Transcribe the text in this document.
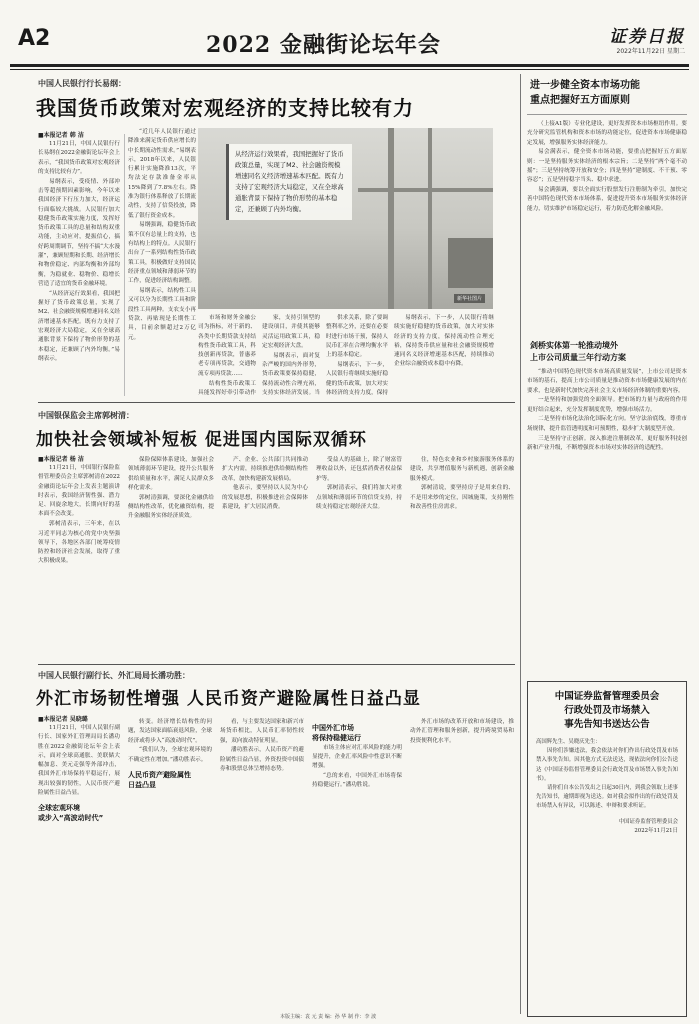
A2	2022 金融街论坛年会	证券日报
2022年11月22日 星期二
中国人民银行行长易纲：
我国货币政策对宏观经济的支持比较有力
■本报记者 韩 洁

11月21日，中国人民银行行长易纲在2022金融街论坛年会上表示，“我国货币政策对宏观经济的支持比较有力”。

易纲表示，受疫情、外部冲击等超预期因素影响，今年以来我国经济下行压力加大，经济运行面临较大挑战。人民银行加大稳健货币政策实施力度，发挥好货币政策工具的总量和结构双重功能，主动应对，提振信心，搞好跨周期调节，坚持不搞“大水漫灌”，兼顾短期和长期、经济增长和物价稳定、内部均衡和外部均衡，为稳就业、稳物价、稳增长营造了适宜的货币金融环境。

“从经济运行效果看，我国把握好了货币政策总量，实现了M2、社会融资规模增速同名义经济增速基本匹配。既有力支持了宏观经济大局稳定，又在全球高通胀背景下保持了物价形势的基本稳定，还兼顾了内外均衡。”易纲表示。

“近几年人民银行通过降准来满足货币供应增长的中长期流动性需求。”易纲表示，2018年以来，人民银行累计实施降准13次，平均法定存款准备金率从15%降到了7.8%左右。降准为银行体系释放了长期流动性，支持了信贷投放，降低了银行资金成本。

易纲强调，稳健货币政策不仅有总量上的支持，也有结构上的特点。人民银行出台了一系列结构性货币政策工具，积极做好支持国民经济重点领域和薄弱环节的工作，促进经济结构调整。

易纲表示，结构性工具又可以分为长期性工具和阶段性工具两种。支农支小再贷款、再贴现是长期性工具，目前余额超过2万亿元。

新华社图片
从经济运行效果看，我国把握好了货币政策总量，实现了M2、社会融资规模增速同名义经济增速基本匹配。既有力支持了宏观经济大局稳定，又在全球高通胀背景下保持了物价形势的基本稳定，还兼顾了内外均衡。

市场和财务金融公司为指标，对于新的、各类中长期贷款支持结构性货币政策工具，科技创新再贷款，普惠养老专项再贷款，交通物流专项再贷款……

结构性货币政策工具能发挥好牵引带动作

家，支持引领型的建设项目，并使其能够灵活运用政策工具，稳定宏观经济大盘。

易纲表示，面对复杂严峻的国内外形势，货币政策要保持稳健，保持流动性合理充裕，支持实体经济发展。当

供求关系，除了要调整利率之外，还要在必要时进行市场干预，保持人民币汇率在合理均衡水平上的基本稳定。

易纲表示，下一步，人民银行将继续实施好稳健的货币政策，加大对实体经济的支持力度，保持

易纲表示，下一步，人民银行将继续实施好稳健的货币政策，加大对实体经济的支持力度，保持流动性合理充裕，保持货币供应量和社会融资规模增速同名义经济增速基本匹配，持续推动企业综合融资成本稳中有降。

中国银保监会主席郭树清：
加快社会领域补短板 促进国内国际双循环
■本报记者 杨 洁

11月21日，中国银行保险监督管理委员会主席郭树清在2022金融街论坛年会上发表主题演讲时表示，我国经济韧性强、潜力足、回旋余地大，长期向好的基本面不会改变。

郭树清表示，三年来，在以习近平同志为核心的党中央坚强领导下，各地区各部门统筹疫情防控和经济社会发展，取得了重大积极成果。

保险保障体系建设，加强社会领域薄弱环节建设，提升公共服务供给质量和水平，满足人民群众多样化需求。

郭树清强调，要深化金融供给侧结构性改革，优化融资结构，提升金融服务实体经济质效。

产、企业、公共部门共同推动扩大内需，持续推进供给侧结构性改革，加快构建新发展格局。

他表示，要坚持以人民为中心的发展思想，积极推进社会保障体系建设，扩大居民消费。

受益人的基础上，除了财富管理收益以外，还包括消费者权益保护等。

郭树清表示，我们将加大对重点领域和薄弱环节的信贷支持，持续支持稳定宏观经济大盘。

住，特色农业和乡村旅游服务体系的建设，共享增值服务与新机遇，创新金融服务模式。

郭树清说，要坚持房子是用来住的、不是用来炒的定位，因城施策，支持刚性和改善性住房需求。

中国人民银行副行长、外汇局局长潘功胜：
外汇市场韧性增强 人民币资产避险属性日益凸显
■本报记者 吴晓璐

11月21日，中国人民银行副行长、国家外汇管理局局长潘功胜在2022金融街论坛年会上表示，面对全球高通胀、美联储大幅加息、美元走强等外部冲击，我国外汇市场保持平稳运行，展现出较强的韧性，人民币资产避险属性日益凸显。

全球宏观环境
或步入“高波动时代”

转变。经济增长结构性的问题，发达国家面临衰退风险，全球经济或将步入“高波动时代”。

“我们认为，全球宏观环境的不确定性在增加。”潘功胜表示。

人民币资产避险属性
日益凸显

看，与主要发达国家和新兴市场货币相比，人民币汇率韧性较强，双向波动特征明显。

潘功胜表示，人民币资产的避险属性日益凸显，外资投资中国债券和股票总体呈增持态势。

中国外汇市场
将保持稳健运行

市场主体应对汇率风险的能力明显提升，企业汇率风险中性意识不断增强。

“总的来看，中国外汇市场将保持稳健运行。”潘功胜说。

外汇市场的改革开放和市场建设，推动外汇管理和服务创新，提升跨境贸易和投资便利化水平。

进一步健全资本市场功能
重点把握好五方面原则

（上接A1版）专业化建设，更好发挥资本市场枢纽作用。要充分研究监管机构和资本市场的功能定位，促进资本市场健康稳定发展，增强服务实体经济能力。

易会满表示，健全资本市场功能，要重点把握好五方面原则：一是坚持服务实体经济的根本宗旨；二是坚持“两个毫不动摇”；三是坚持统筹开放和安全；四是坚持“建制度、不干预、零容忍”；五是坚持稳字当头、稳中求进。

易会满强调，要以全面实行股票发行注册制为牵引，加快完善中国特色现代资本市场体系，促进提升资本市场服务实体经济能力，切实维护市场稳定运行，着力防范化解金融风险。

剑桥实体第一轮推动境外
上市公司质量三年行动方案

“推动中国特色现代资本市场高质量发展”，上市公司是资本市场的基石，提高上市公司质量是推动资本市场健康发展的内在要求，也是新时代加快完善社会主义市场经济体制的重要内容。

一是坚持和加强党的全面领导。把市场的力量与政府的作用更好结合起来，充分发挥制度优势，增强市场活力。

二是坚持市场化法治化国际化方向。坚守法治底线，尊重市场规律，提升监管透明度和可预期性，稳步扩大制度型开放。

三是坚持守正创新。深入推进注册制改革，更好服务科技创新和产业升级，不断增强资本市场对实体经济的适配性。

中国证券监督管理委员会
行政处罚及市场禁入
事先告知书送达公告

高国辉先生、吴晓庆先生：

因你们涉嫌违法，我会依法对你们作出行政处罚及市场禁入事先告知。因其他方式无法送达，现依法向你们公告送达《中国证券监督管理委员会行政处罚及市场禁入事先告知书》。

请你们自本公告发出之日起30日内，到我会领取上述事先告知书，逾期即视为送达。如对我会拟作出的行政处罚及市场禁入有异议，可以陈述、申辩和要求听证。

中国证券监督管理委员会
2022年11月21日
本版主编：袁 元 责 编：孙 华 制 作：李 波
